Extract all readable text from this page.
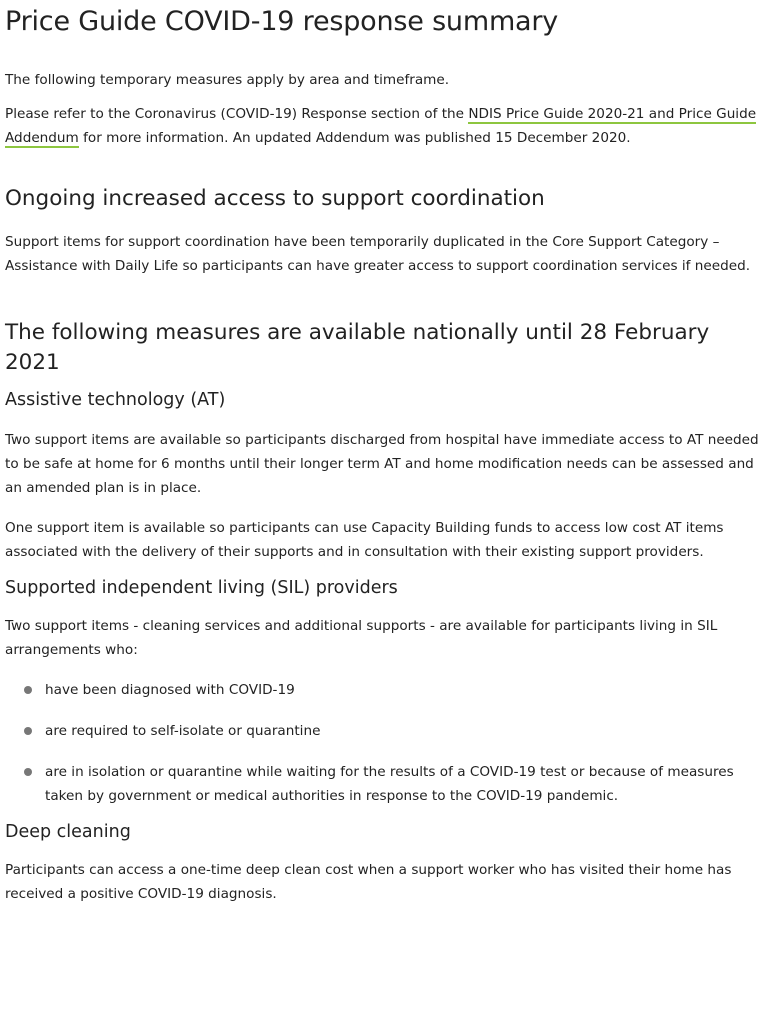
Price Guide COVID-19 response summary

The following temporary measures apply by area and timeframe.

Please refer to the Coronavirus (COVID-19) Response section of the NDIS Price Guide 2020-21 and Price Guide Addendum for more information. An updated Addendum was published 15 December 2020.

Ongoing increased access to support coordination

Support items for support coordination have been temporarily duplicated in the Core Support Category – Assistance with Daily Life so participants can have greater access to support coordination services if needed.

The following measures are available nationally until 28 February 2021
Assistive technology (AT)

Two support items are available so participants discharged from hospital have immediate access to AT needed to be safe at home for 6 months until their longer term AT and home modification needs can be assessed and an amended plan is in place.

One support item is available so participants can use Capacity Building funds to access low cost AT items associated with the delivery of their supports and in consultation with their existing support providers.

Supported independent living (SIL) providers

Two support items - cleaning services and additional supports - are available for participants living in SIL arrangements who:

have been diagnosed with COVID-19
are required to self-isolate or quarantine
are in isolation or quarantine while waiting for the results of a COVID-19 test or because of measures taken by government or medical authorities in response to the COVID-19 pandemic.
Deep cleaning

Participants can access a one-time deep clean cost when a support worker who has visited their home has received a positive COVID-19 diagnosis.
